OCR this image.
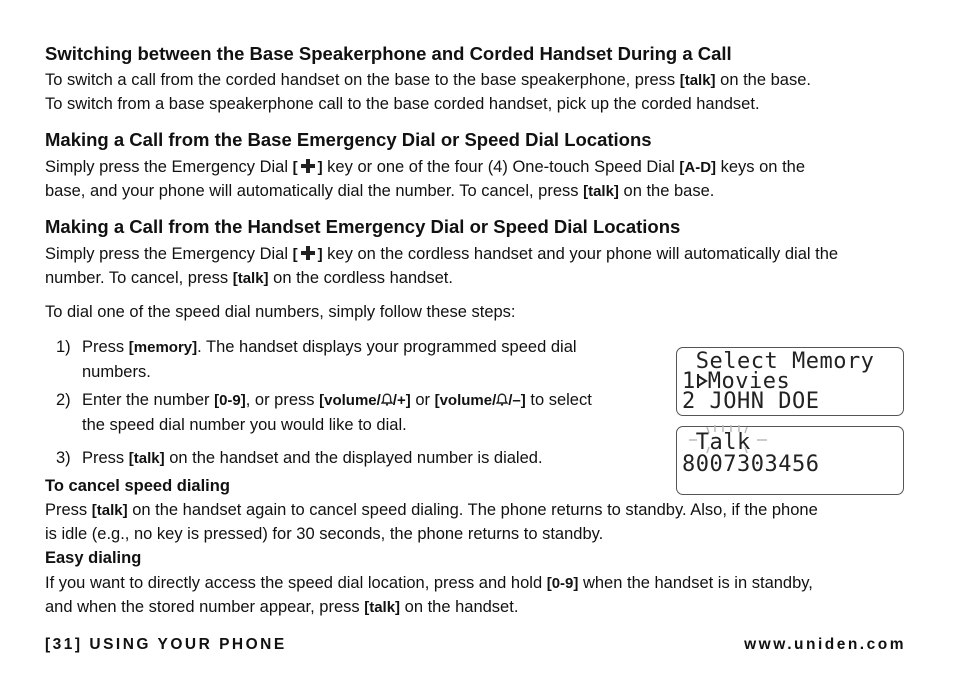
Switching between the Base Speakerphone and Corded Handset During a Call
To switch a call from the corded handset on the base to the base speakerphone, press [talk] on the base.
To switch from a base speakerphone call to the base corded handset, pick up the corded handset.
Making a Call from the Base Emergency Dial or Speed Dial Locations
Simply press the Emergency Dial [ ] key or one of the four (4) One-touch Speed Dial [A-D] keys on the
base, and your phone will automatically dial the number. To cancel, press [talk] on the base.
Making a Call from the Handset Emergency Dial or Speed Dial Locations
Simply press the Emergency Dial [ ] key on the cordless handset and your phone will automatically dial the
number. To cancel, press [talk] on the cordless handset.
To dial one of the speed dial numbers, simply follow these steps:
1) Press [memory]. The handset displays your programmed speed dial
numbers.
2) Enter the number [0-9], or press [volume/ /+] or [volume/ /–] to select
the speed dial number you would like to dial.
3) Press [talk] on the handset and the displayed number is dialed.
Select Memory
1 Movies
2 JOHN DOE
Talk
8007303456
To cancel speed dialing
Press [talk] on the handset again to cancel speed dialing. The phone returns to standby. Also, if the phone
is idle (e.g., no key is pressed) for 30 seconds, the phone returns to standby.
Easy dialing
If you want to directly access the speed dial location, press and hold [0-9] when the handset is in standby,
and when the stored number appear, press [talk] on the handset.
[31] USING YOUR PHONE	www.uniden.com
